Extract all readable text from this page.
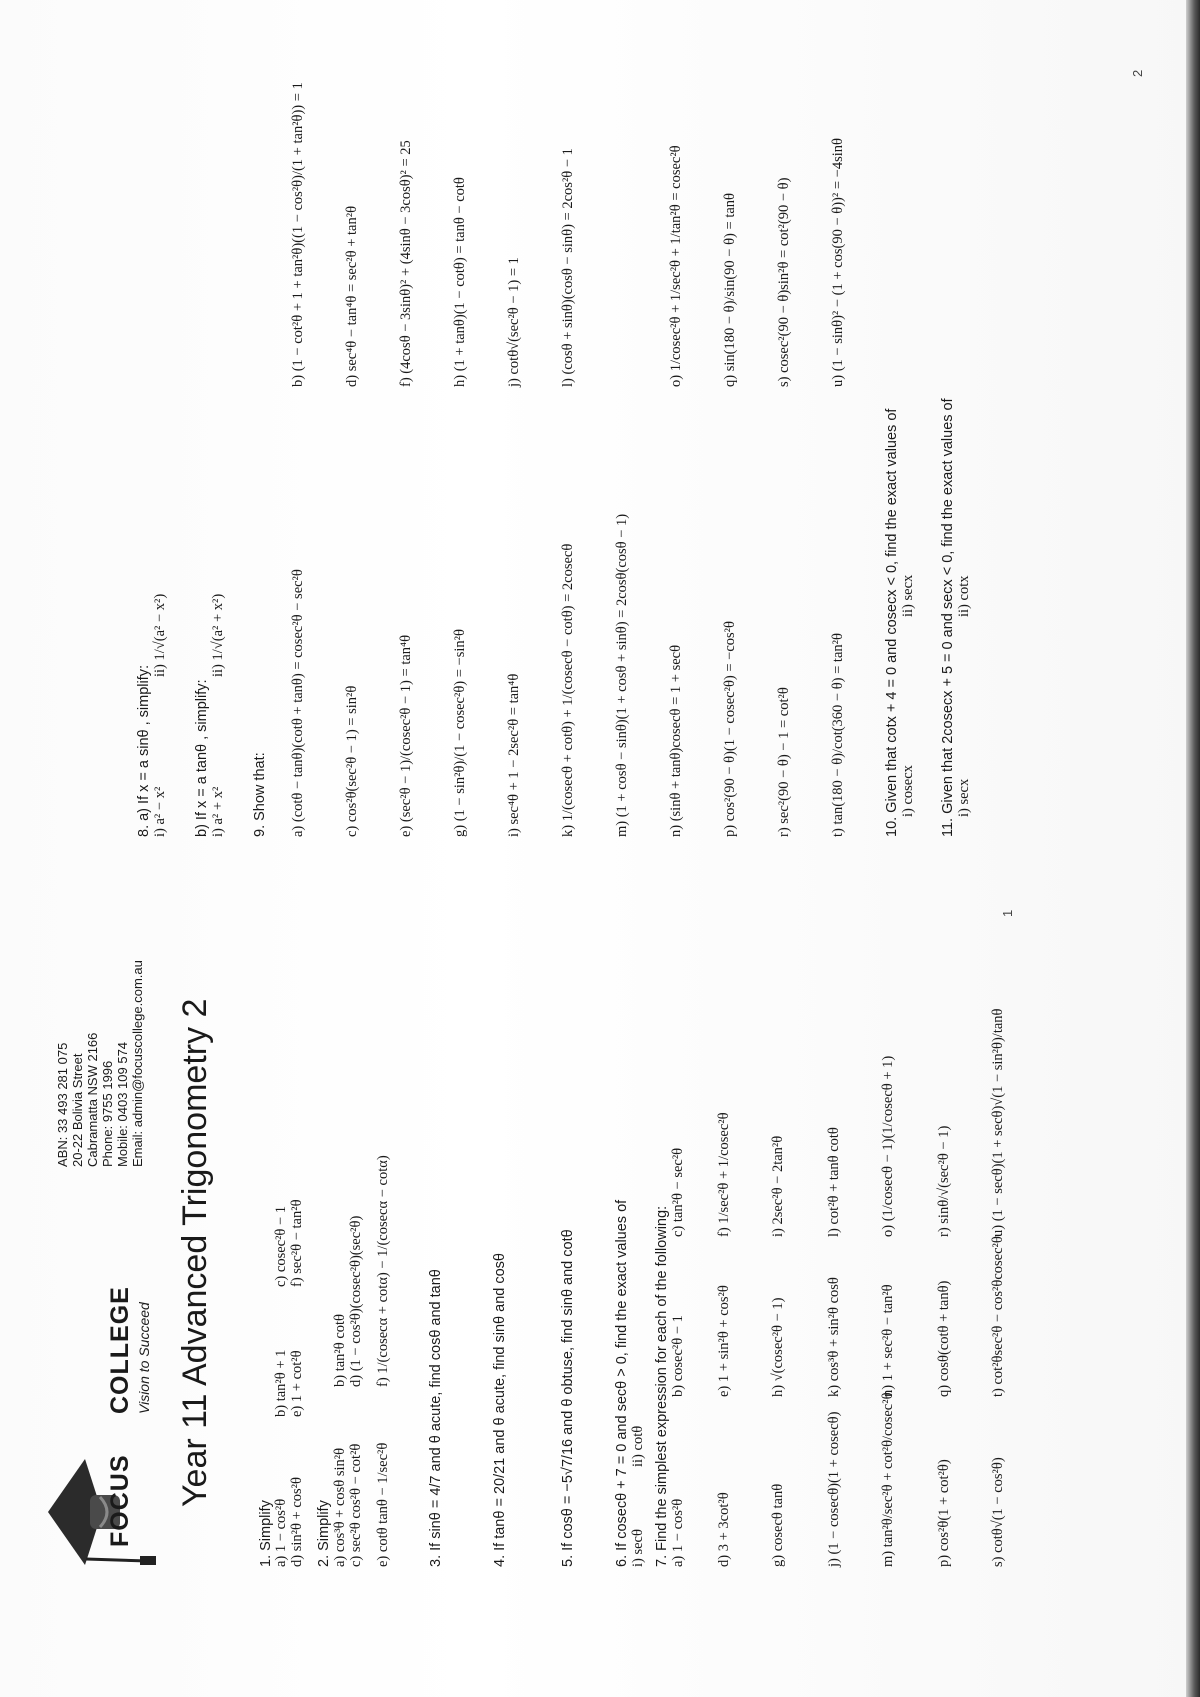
FOCUS
COLLEGE Vision to Succeed
ABN: 33 493 281 075
20-22 Bolivia Street
Cabramatta NSW 2166
Phone: 9755 1996
Mobile: 0403 109 574
Email: admin@focuscollege.com.au Year 11 Advanced Trigonometry 2
1. Simplify a) 1 − cos²θ
b) tan²θ + 1
c) cosec²θ − 1
d) sin²θ + cos²θ
e) 1 + cot²θ
f) sec²θ − tan²θ
2. Simplify a) cos³θ + cosθ sin²θ
b) tan²θ cotθ
c) sec²θ cos²θ − cot²θ
d) (1 − cos²θ)(cosec²θ)(sec²θ)
e) cotθ tanθ − 1/sec²θ
f) 1/(cosecα + cotα) − 1/(cosecα − cotα)	3. If sinθ = 4/7 and θ acute, find cosθ and tanθ	4. If tanθ = 20/21 and θ acute, find sinθ and cosθ	5. If cosθ = −5√7/16 and θ obtuse, find sinθ and cotθ	6. If cosecθ + 7 = 0 and secθ > 0, find the exact values of i) secθ
ii) cotθ 7. Find the simplest expression for each of the following: a) 1 − cos²θ
b) cosec²θ − 1
c) tan²θ − sec²θ
d) 3 + 3cot²θ
e) 1 + sin²θ + cos²θ
f) 1/sec²θ + 1/cosec²θ
g) cosecθ tanθ
h) √(cosec²θ − 1)
i) 2sec²θ − 2tan²θ
j) (1 − cosecθ)(1 + cosecθ)
k) cos³θ + sin²θ cosθ
l) cot²θ + tanθ cotθ
m) tan²θ/sec²θ + cot²θ/cosec²θ
n) 1 + sec²θ − tan²θ
o) (1/cosecθ − 1)(1/cosecθ + 1)
p) cos²θ(1 + cot²θ)
q) cosθ(cotθ + tanθ)
r) sinθ/√(sec²θ − 1)
s) cotθ√(1 − cos²θ)
t) cot²θsec²θ − cos²θcosec²θ
u) (1 − secθ)(1 + secθ)√(1 − sin²θ)/tanθ
1
8. a) If x = a sinθ , simplify: i) a² − x²
ii) 1/√(a² − x²)
b) If x = a tanθ , simplify: i) a² + x²
ii) 1/√(a² + x²)
9. Show that: a) (cotθ − tanθ)(cotθ + tanθ) = cosec²θ − sec²θ
b) (1 − cot²θ + 1 + tan²θ)((1 − cos²θ)/(1 + tan²θ)) = 1
c) cos²θ(sec²θ − 1) = sin²θ
d) sec⁴θ − tan⁴θ = sec²θ + tan²θ
e) (sec²θ − 1)/(cosec²θ − 1) = tan⁴θ
f) (4cosθ − 3sinθ)² + (4sinθ − 3cosθ)² = 25
g) (1 − sin²θ)/(1 − cosec²θ) = −sin²θ
h) (1 + tanθ)(1 − cotθ) = tanθ − cotθ
i) sec⁴θ + 1 − 2sec²θ = tan⁴θ
j) cotθ√(sec²θ − 1) = 1
k) 1/(cosecθ + cotθ) + 1/(cosecθ − cotθ) = 2cosecθ
l) (cosθ + sinθ)(cosθ − sinθ) = 2cos²θ − 1
m) (1 + cosθ − sinθ)(1 + cosθ + sinθ) = 2cosθ(cosθ − 1)	n) (sinθ + tanθ)cosecθ = 1 + secθ
o) 1/cosec²θ + 1/sec²θ + 1/tan²θ = cosec²θ
p) cos²(90 − θ)(1 − cosec²θ) = −cos²θ
q) sin(180 − θ)/sin(90 − θ) = tanθ
r) sec²(90 − θ) − 1 = cot²θ
s) cosec²(90 − θ)sin²θ = cot²(90 − θ)
t) tan(180 − θ)/cot(360 − θ) = tan²θ
u) (1 − sinθ)² − (1 + cos(90 − θ))² = −4sinθ
10. Given that cotx + 4 = 0 and cosecx < 0, find the exact values of i) cosecx
ii) secx 11. Given that 2cosecx + 5 = 0 and secx < 0, find the exact values of i) secx
ii) cotx
2
